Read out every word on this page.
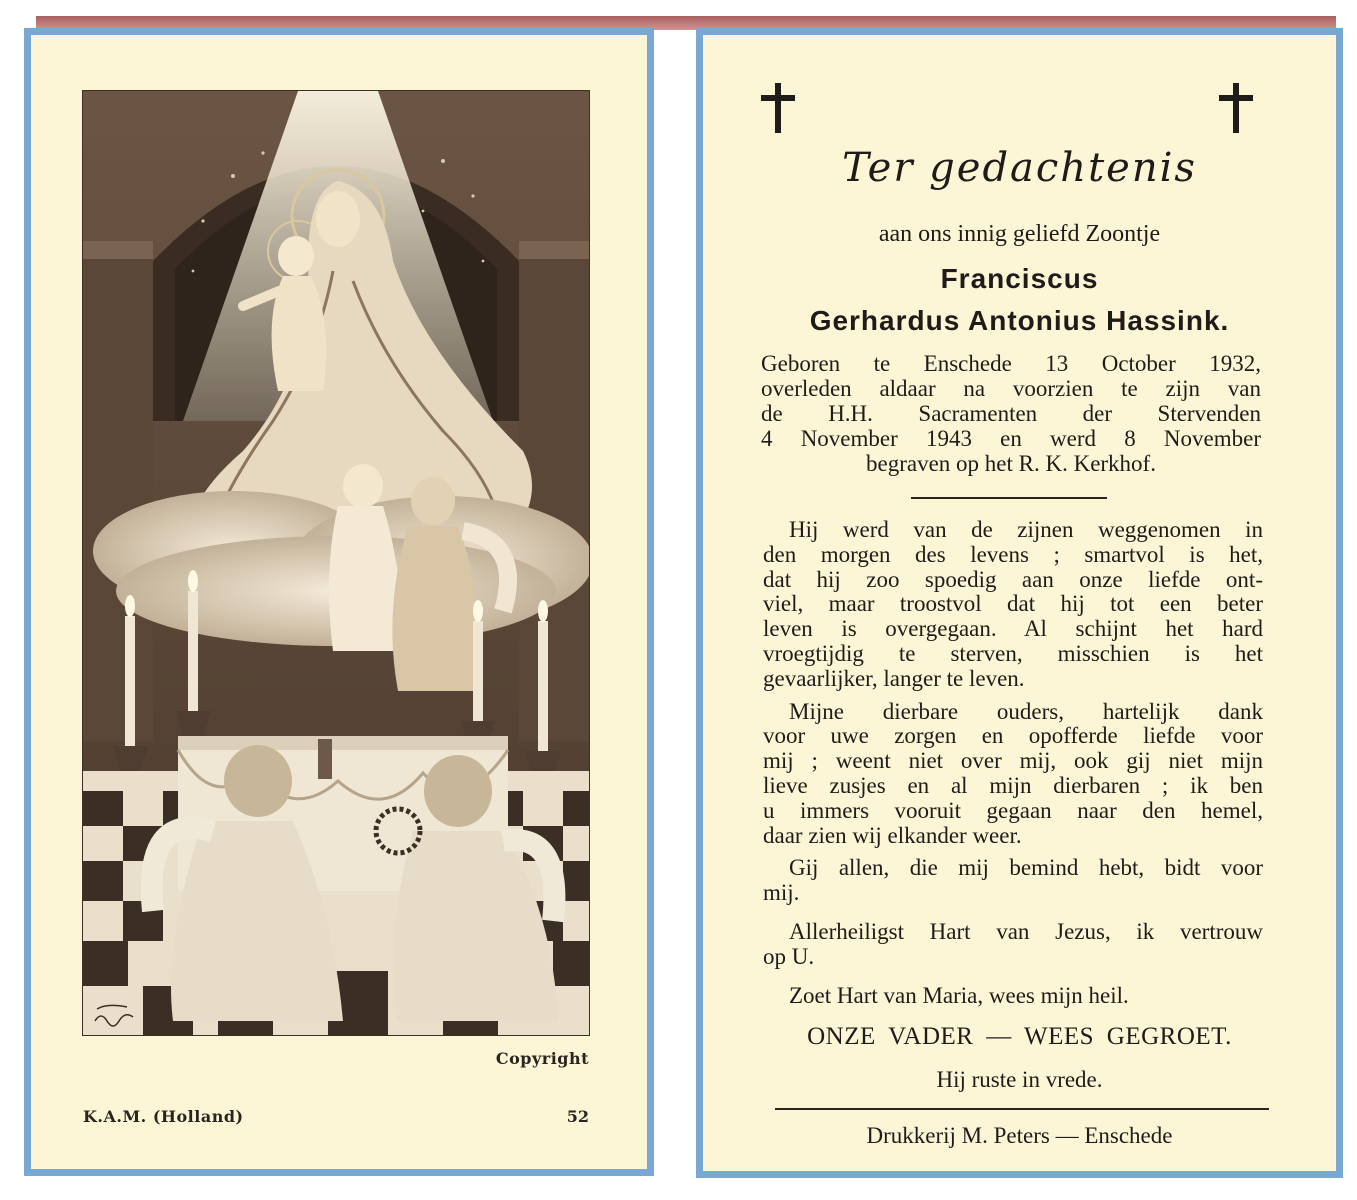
Copyright
K.A.M. (Holland)	52
Ter gedachtenis
aan ons innig geliefd Zoontje
Franciscus
Gerhardus Antonius Hassink.
Geboren te Enschede 13 October 1932,
overleden aldaar na voorzien te zijn van
de H.H. Sacramenten der Stervenden
4 November 1943 en werd 8 November
begraven op het R. K. Kerkhof.

Hij werd van de zijnen weggenomen in
den morgen des levens ; smartvol is het,
dat hij zoo spoedig aan onze liefde ont-
viel, maar troostvol dat hij tot een beter
leven is overgegaan. Al schijnt het hard
vroegtijdig te sterven, misschien is het
gevaarlijker, langer te leven.

Mijne dierbare ouders, hartelijk dank
voor uwe zorgen en opofferde liefde voor
mij ; weent niet over mij, ook gij niet mijn
lieve zusjes en al mijn dierbaren ; ik ben
u immers vooruit gegaan naar den hemel,
daar zien wij elkander weer.

Gij allen, die mij bemind hebt, bidt voor
mij.

Allerheiligst Hart van Jezus, ik vertrouw
op U.

Zoet Hart van Maria, wees mijn heil.

ONZE VADER — WEES GEGROET.
Hij ruste in vrede.
Drukkerij M. Peters — Enschede
